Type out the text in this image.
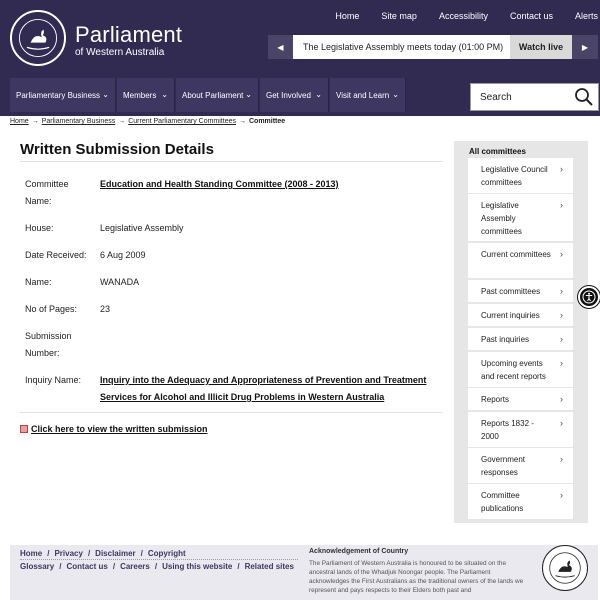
Parliament
of Western Australia
Home	Site map	Accessibility	Contact us	Alerts
◀	The Legislative Assembly meets today (01:00 PM)	Watch live	▶
Parliamentary Business ⌄ Members ⌄ About Parliament ⌄ Get Involved ⌄ Visit and Learn ⌄	Search
Home → Parliamentary Business → Current Parliamentary Committees → Committee
Written Submission Details
Committee Name:
Education and Health Standing Committee (2008 - 2013)
House:	Legislative Assembly
Date Received:	6 Aug 2009
Name:	WANADA
No of Pages:	23
Submission Number:
Inquiry Name:	Inquiry into the Adequacy and Appropriateness of Prevention and Treatment Services for Alcohol and Illicit Drug Problems in Western Australia
Click here to view the written submission
All committees
Legislative Council committees
›
Legislative Assembly committees
›
Current committees ›
Past committees ›
Current inquiries ›
Past inquiries	›
Upcoming events and recent reports
›
Reports	›
Reports 1832 - 2000
›
Government responses
›
Committee publications
›
Home / Privacy / Disclaimer / Copyright
Glossary / Contact us / Careers / Using this website / Related sites
Acknowledgement of Country
The Parliament of Western Australia is honoured to be situated on the ancestral lands of the Whadjuk Noongar people. The Parliament acknowledges the First Australians as the traditional owners of the lands we represent and pays respects to their Elders both past and
